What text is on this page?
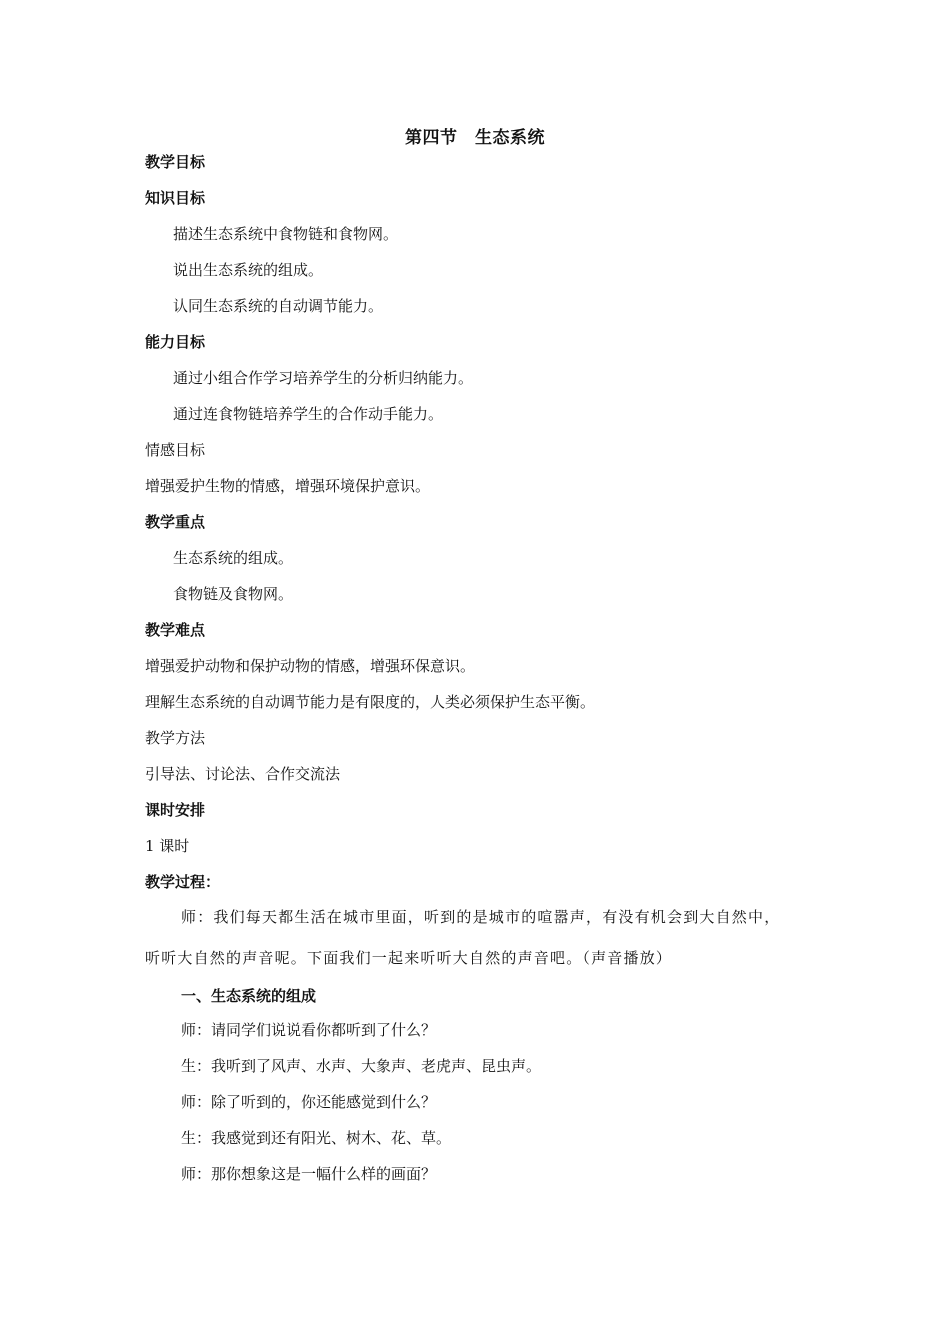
第四节　生态系统
教学目标
知识目标
描述生态系统中食物链和食物网。
说出生态系统的组成。
认同生态系统的自动调节能力。
能力目标
通过小组合作学习培养学生的分析归纳能力。
通过连食物链培养学生的合作动手能力。
情感目标
增强爱护生物的情感，增强环境保护意识。
教学重点
生态系统的组成。
食物链及食物网。
教学难点
增强爱护动物和保护动物的情感，增强环保意识。
理解生态系统的自动调节能力是有限度的，人类必须保护生态平衡。
教学方法
引导法、讨论法、合作交流法
课时安排
1 课时
教学过程：
师：我们每天都生活在城市里面，听到的是城市的喧嚣声，有没有机会到大自然中，
听听大自然的声音呢。下面我们一起来听听大自然的声音吧。（声音播放）
一、生态系统的组成
师：请同学们说说看你都听到了什么？
生：我听到了风声、水声、大象声、老虎声、昆虫声。
师：除了听到的，你还能感觉到什么？
生：我感觉到还有阳光、树木、花、草。
师：那你想象这是一幅什么样的画面？
